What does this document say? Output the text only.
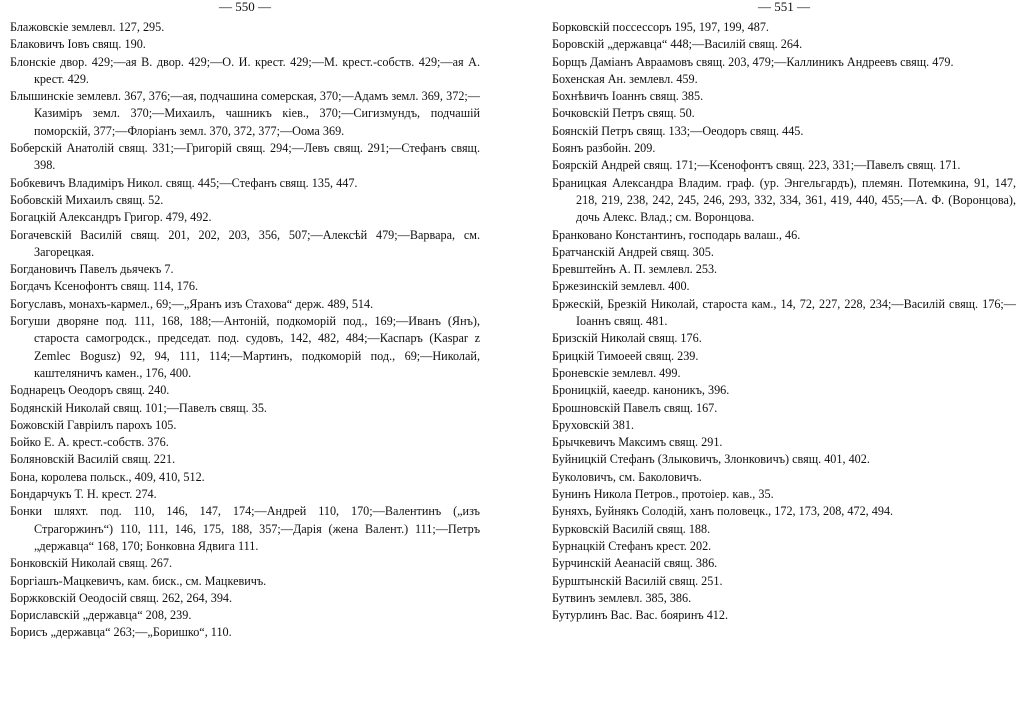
— 550 —

Блажовскiе землевл. 127, 295.

Блаковичъ Iовъ свящ. 190.

Блонскiе двор. 429;—ая В. двор. 429;—О. И. крест. 429;—М. крест.-собств. 429;—ая А. крест. 429.

Блышинскiе землевл. 367, 376;—ая, подчашина сомерская, 370;—Адамъ земл. 369, 372;—Казимiръ земл. 370;—Михаилъ, чашникъ кiев., 370;—Сигизмундъ, подчашiй поморскiй, 377;—Флорiанъ земл. 370, 372, 377;—Оома 369.

Боберскiй Анатолiй свящ. 331;—Григорiй свящ. 294;—Левъ свящ. 291;—Стефанъ свящ. 398.

Бобкевичъ Владимiръ Никол. свящ. 445;—Стефанъ свящ. 135, 447.

Бобовскiй Михаилъ свящ. 52.

Богацкiй Александръ Григор. 479, 492.

Богачевскiй Василiй свящ. 201, 202, 203, 356, 507;—Алексѣй 479;—Варвара, см. Загорецкая.

Богдановичъ Павелъ дьячекъ 7.

Богдачъ Ксенофонтъ свящ. 114, 176.

Богуславъ, монахъ-кармел., 69;—„Яранъ изъ Стахова“ держ. 489, 514.

Богуши дворяне под. 111, 168, 188;—Антонiй, подкоморiй под., 169;—Иванъ (Янъ), староста самогродск., председат. под. судовъ, 142, 482, 484;—Каспаръ (Kaspar z Zemlec Bogusz) 92, 94, 111, 114;—Мартинъ, подкоморiй под., 69;—Николай, каштеляничъ камен., 176, 400.

Боднарецъ Оеодоръ свящ. 240.

Бодянскiй Николай свящ. 101;—Павелъ свящ. 35.

Божовскiй Гаврiилъ парохъ 105.

Бойко Е. А. крест.-собств. 376.

Боляновскiй Василiй свящ. 221.

Бона, королева польск., 409, 410, 512.

Бондарчукъ Т. Н. крест. 274.

Бонки шляхт. под. 110, 146, 147, 174;—Андрей 110, 170;—Валентинъ („изъ Страгоржинъ“) 110, 111, 146, 175, 188, 357;—Дарiя (жена Валент.) 111;—Петръ „державца“ 168, 170; Бонковна Ядвига 111.

Бонковскiй Николай свящ. 267.

Боргiашъ-Мацкевичъ, кам. биск., см. Мацкевичъ.

Боржковскiй Оеодосiй свящ. 262, 264, 394.

Бориславскiй „державца“ 208, 239.

Борисъ „державца“ 263;—„Боришко“, 110.

— 551 —

Борковскiй поссессоръ 195, 197, 199, 487.

Боровскiй „державца“ 448;—Василiй свящ. 264.

Борщъ Дамiанъ Авраамовъ свящ. 203, 479;—Каллиникъ Андреевъ свящ. 479.

Бохенская Ан. землевл. 459.

Бохнѣвичъ Iоаннъ свящ. 385.

Бочковскiй Петръ свящ. 50.

Боянскiй Петръ свящ. 133;—Оеодоръ свящ. 445.

Боянъ разбойн. 209.

Боярскiй Андрей свящ. 171;—Ксенофонтъ свящ. 223, 331;—Павелъ свящ. 171.

Браницкая Александра Владим. граф. (ур. Энгельгардъ), племян. Потемкина, 91, 147, 218, 219, 238, 242, 245, 246, 293, 332, 334, 361, 419, 440, 455;—А. Ф. (Воронцова), дочь Алекс. Влад.; см. Воронцова.

Бранкованo Константинъ, господарь валаш., 46.

Братчанскiй Андрей свящ. 305.

Бревштейнъ А. П. землевл. 253.

Бржезинскiй землевл. 400.

Бржескiй, Брезкiй Николай, староста кам., 14, 72, 227, 228, 234;—Василiй свящ. 176;—Iоаннъ свящ. 481.

Бризскiй Николай свящ. 176.

Брицкiй Тимоеей свящ. 239.

Броневскiе землевл. 499.

Броницкiй, каеедр. каноникъ, 396.

Брошновскiй Павелъ свящ. 167.

Бруховскiй 381.

Брычкевичъ Максимъ свящ. 291.

Буйницкiй Стефанъ (Злыковичъ, Злонковичъ) свящ. 401, 402.

Буколовичъ, см. Баколовичъ.

Бунинъ Никола Петров., протоiер. кав., 35.

Буняхъ, Буйнякъ Солодiй, ханъ половецк., 172, 173, 208, 472, 494.

Бурковскiй Василiй свящ. 188.

Бурнацкiй Стефанъ крест. 202.

Бурчинскiй Аеанасiй свящ. 386.

Бурштынскiй Василiй свящ. 251.

Бутвинъ землевл. 385, 386.

Бутурлинъ Вас. Вас. бояринъ 412.
